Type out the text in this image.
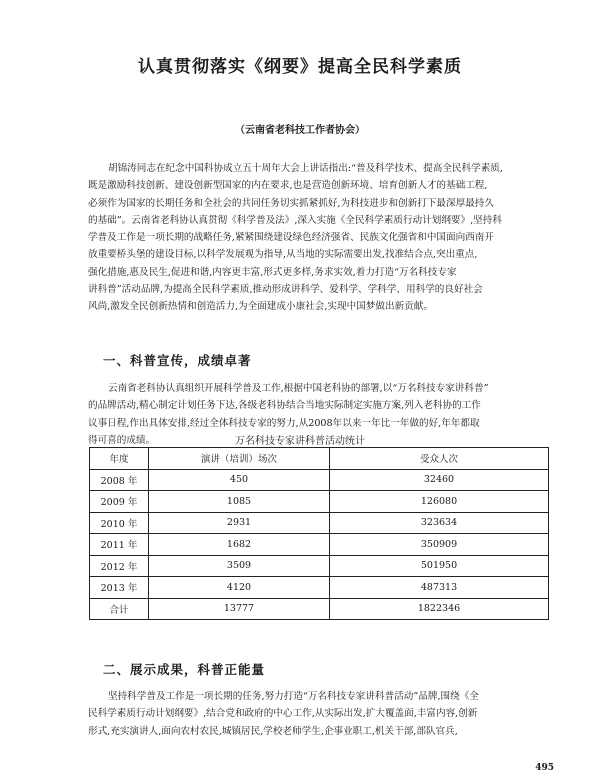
认真贯彻落实《纲要》提高全民科学素质
（云南省老科技工作者协会）
胡锦涛同志在纪念中国科协成立五十周年大会上讲话指出:“普及科学技术、提高全民科学素质,
既是激励科技创新、建设创新型国家的内在要求,也是营造创新环境、培育创新人才的基础工程,
必须作为国家的长期任务和全社会的共同任务切实抓紧抓好,为科技进步和创新打下最深厚最持久
的基础”。云南省老科协认真贯彻《科学普及法》,深入实施《全民科学素质行动计划纲要》,坚持科
学普及工作是一项长期的战略任务,紧紧围绕建设绿色经济强省、民族文化强省和中国面向西南开
放重要桥头堡的建设目标,以科学发展观为指导,从当地的实际需要出发,找准结合点,突出重点,
强化措施,惠及民生,促进和谐,内容更丰富,形式更多样,务求实效,着力打造“万名科技专家
讲科普”活动品牌,为提高全民科学素质,推动形成讲科学、爱科学、学科学、用科学的良好社会
风尚,激发全民创新热情和创造活力,为全面建成小康社会,实现中国梦做出新贡献。
一、科普宣传，成绩卓著
云南省老科协认真组织开展科学普及工作,根据中国老科协的部署,以“万名科技专家讲科普”
的品牌活动,精心制定计划任务下达,各级老科协结合当地实际制定实施方案,列入老科协的工作
议事日程,作出具体安排,经过全体科技专家的努力,从2008年以来一年比一年做的好,年年都取
得可喜的成绩。	万名科技专家讲科普活动统计
年度	演讲（培训）场次	受众人次
2008 年	450	32460
2009 年	1085	126080
2010 年	2931	323634
2011 年	1682	350909
2012 年	3509	501950
2013 年	4120	487313
合计	13777	1822346
二、展示成果，科普正能量
坚持科学普及工作是一项长期的任务,努力打造“万名科技专家讲科普活动”品牌,围绕《全
民科学素质行动计划纲要》,结合党和政府的中心工作,从实际出发,扩大覆盖面,丰富内容,创新
形式,充实演讲人,面向农村农民,城镇居民,学校老师学生,企事业职工,机关干部,部队官兵,
495
